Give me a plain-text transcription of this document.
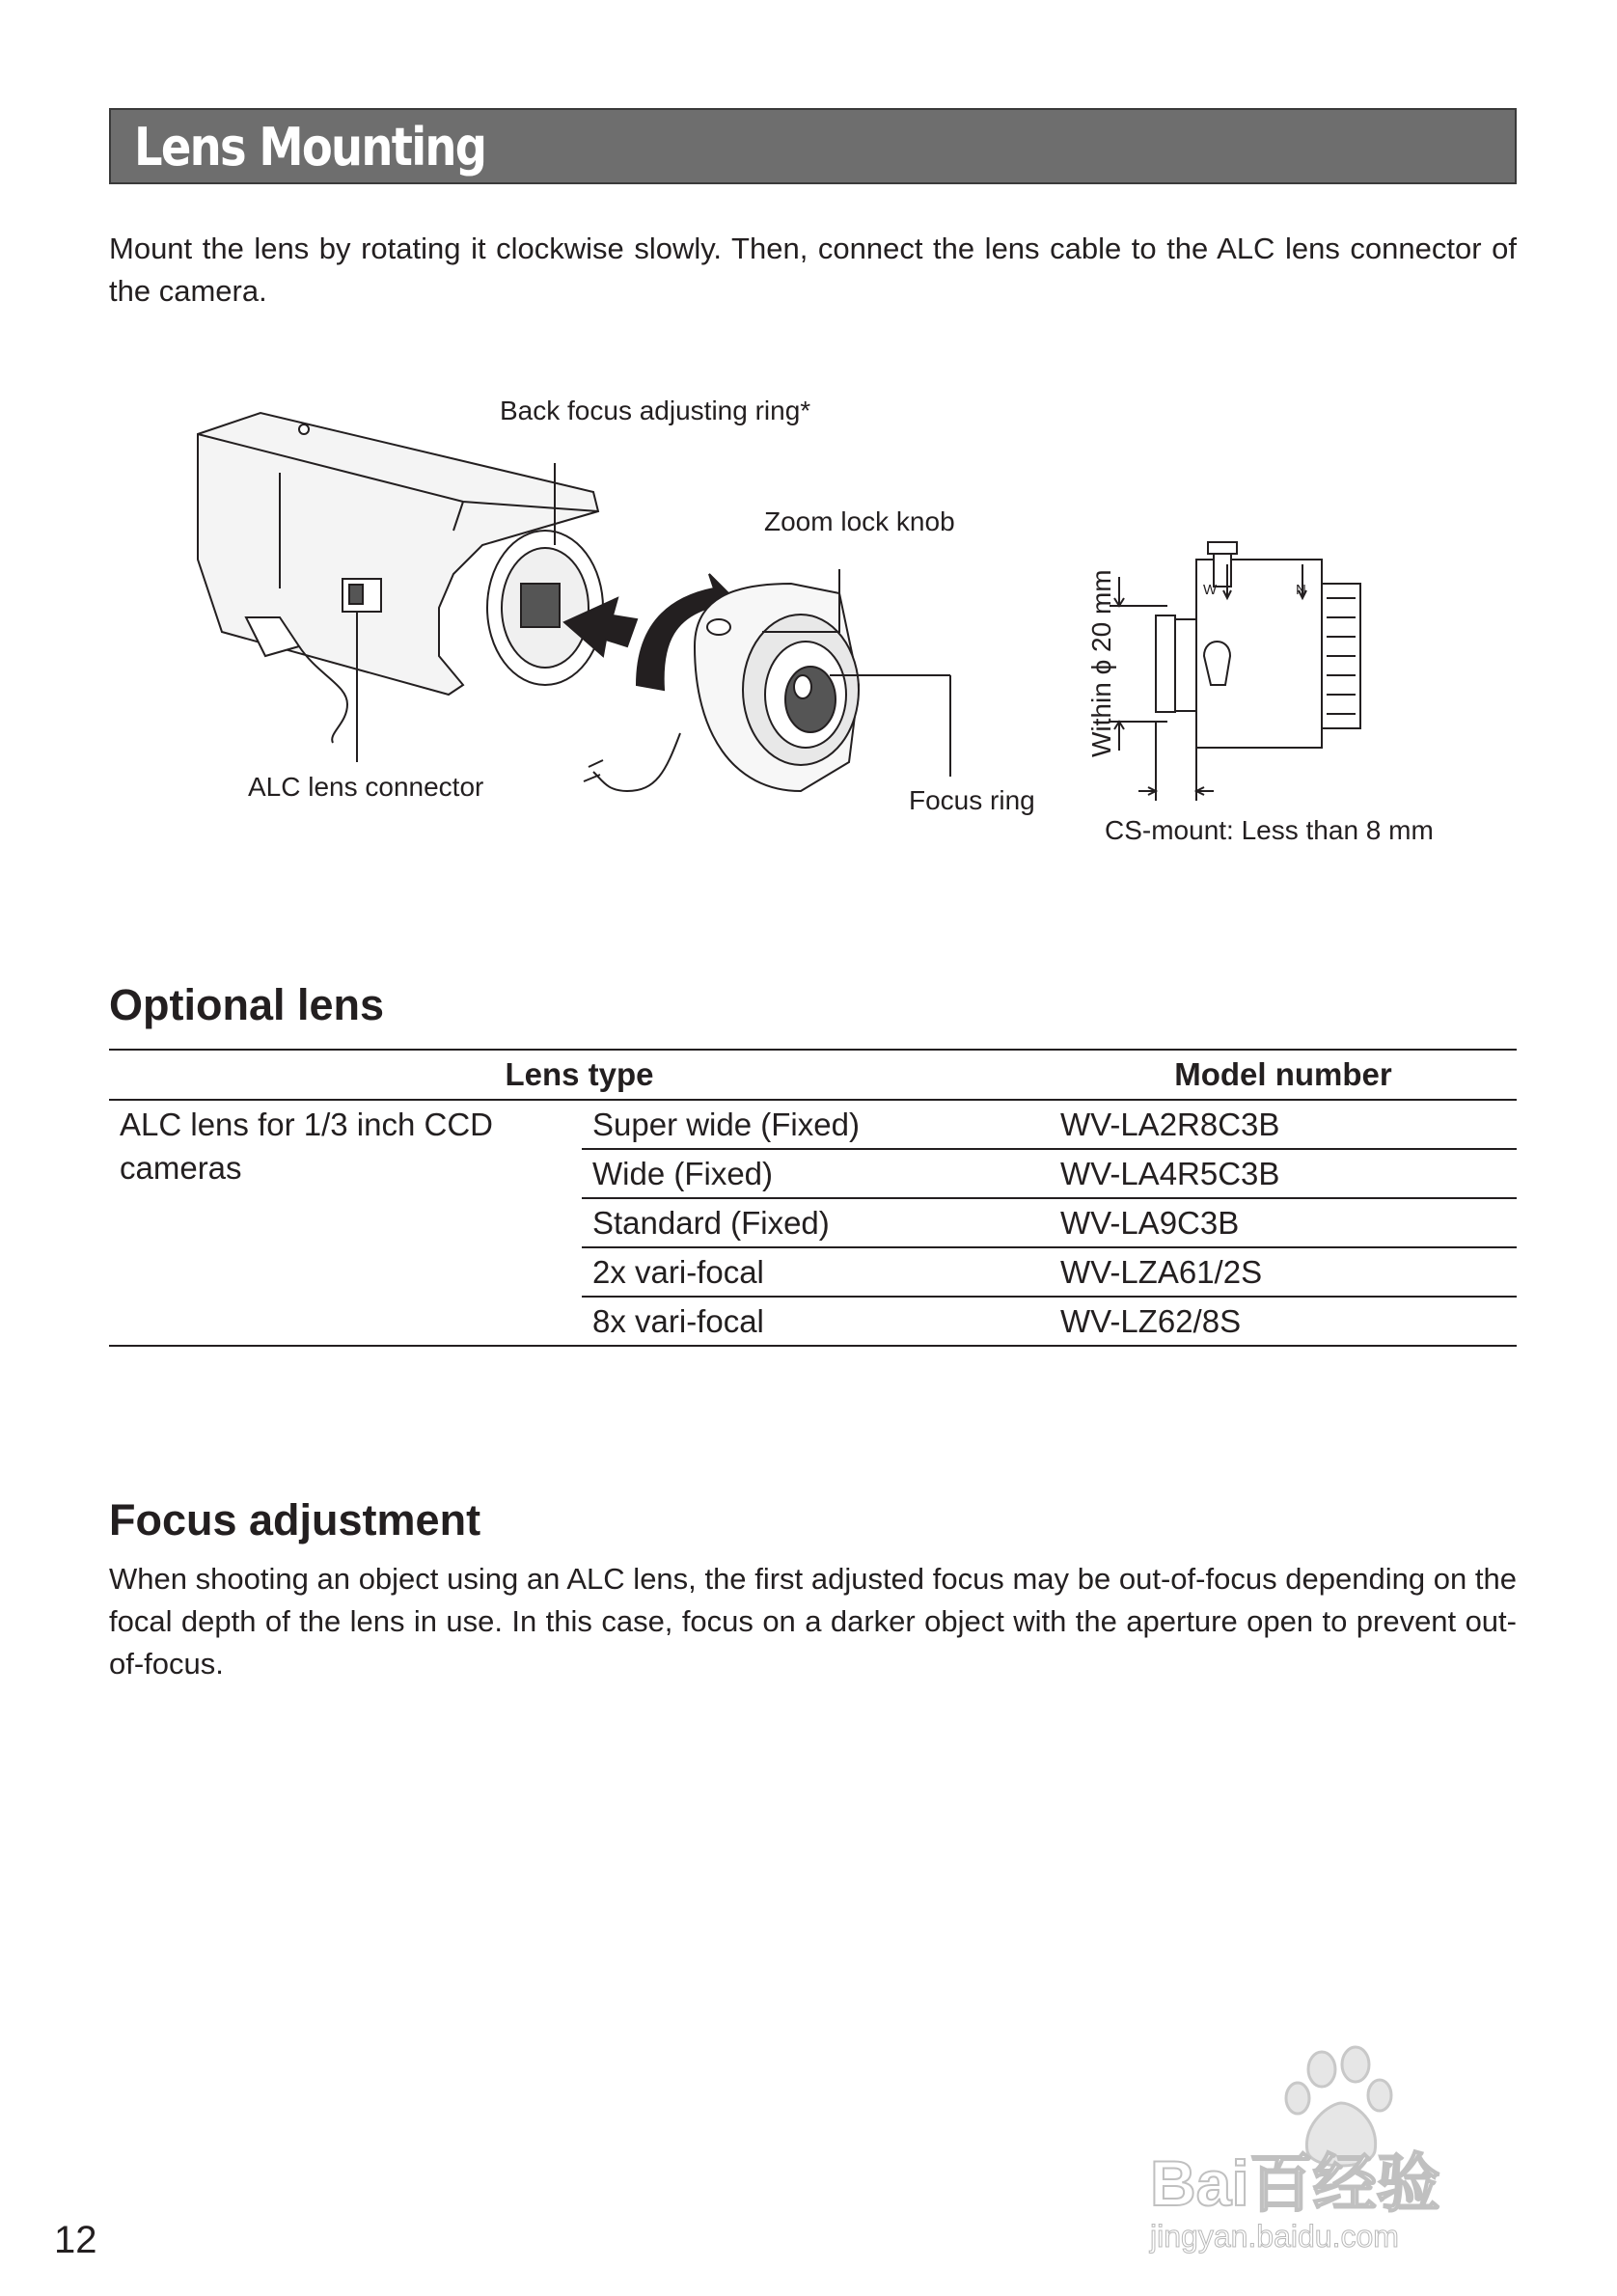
Lens Mounting

Mount the lens by rotating it clockwise slowly. Then, connect the lens cable to the ALC lens connector of the camera.

W	N
Back focus adjusting ring*
Zoom lock knob
ALC lens connector	Focus ring
Within ϕ 20 mm
CS-mount: Less than 8 mm
Optional lens
Lens type		Model number
ALC lens for 1/3 inch CCD cameras	Super wide (Fixed)	WV-LA2R8C3B
	Wide (Fixed)	WV-LA4R5C3B
	Standard (Fixed)	WV-LA9C3B
	2x vari-focal	WV-LZA61/2S
	8x vari-focal	WV-LZ62/8S
Focus adjustment

When shooting an object using an ALC lens, the first adjusted focus may be out-of-focus depending on the focal depth of the lens in use. In this case, focus on a darker object with the aperture open to prevent out-of-focus.

Bai百经验
jingyan.baidu.com
12
